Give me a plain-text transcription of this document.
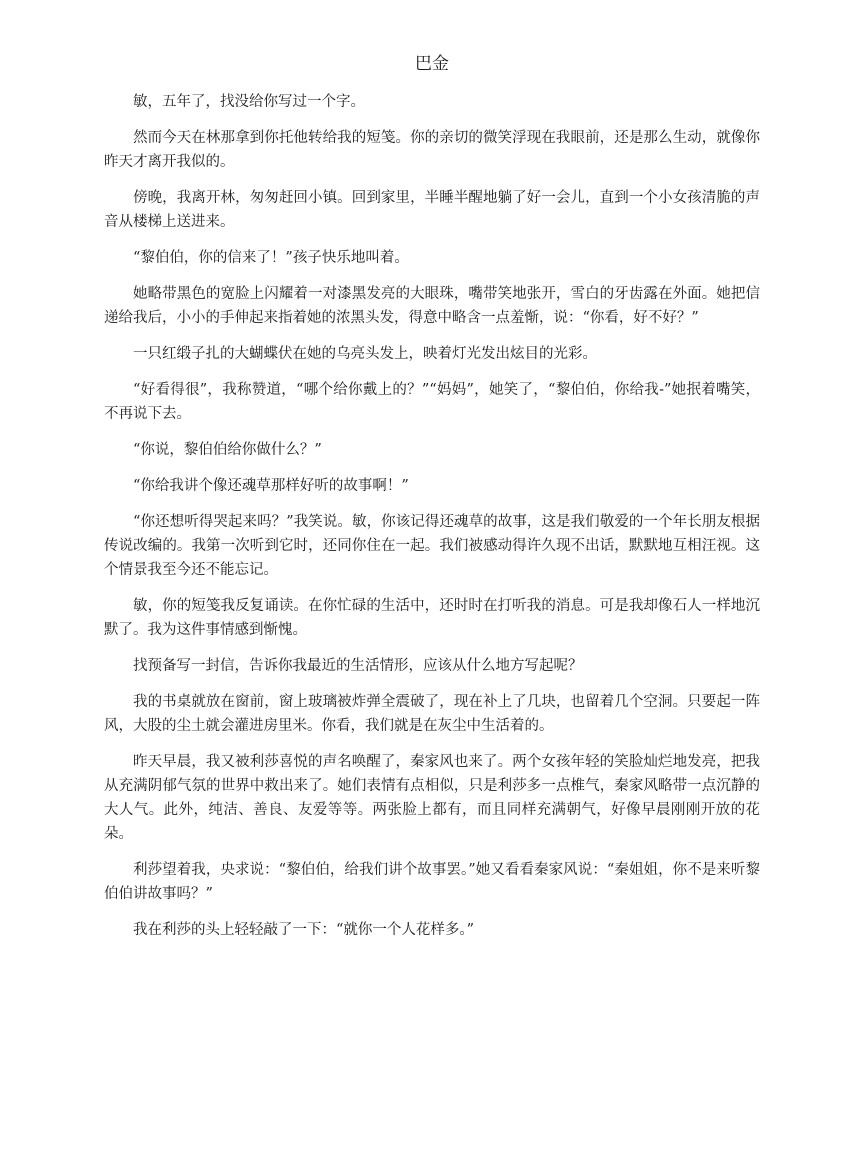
巴金

敏，五年了，找没给你写过一个字。

然而今天在林那拿到你托他转给我的短笺。你的亲切的微笑浮现在我眼前，还是那么生动，就像你昨天才离开我似的。

傍晚，我离开林，匆匆赶回小镇。回到家里，半睡半醒地躺了好一会儿，直到一个小女孩清脆的声音从楼梯上送进来。

“黎伯伯，你的信来了！”孩子快乐地叫着。

她略带黑色的宽脸上闪耀着一对漆黑发亮的大眼珠，嘴带笑地张开，雪白的牙齿露在外面。她把信递给我后，小小的手伸起来指着她的浓黑头发，得意中略含一点羞惭，说：“你看，好不好？”

一只红缎子扎的大蝴蝶伏在她的乌亮头发上，映着灯光发出炫目的光彩。

“好看得很”，我称赞道，“哪个给你戴上的？”“妈妈”，她笑了，“黎伯伯，你给我-”她抿着嘴笑，不再说下去。

“你说，黎伯伯给你做什么？”

“你给我讲个像还魂草那样好听的故事啊！”

“你还想听得哭起来吗？”我笑说。敏，你该记得还魂草的故事，这是我们敬爱的一个年长朋友根据传说改编的。我第一次听到它时，还同你住在一起。我们被感动得许久现不出话，默默地互相汪视。这个情景我至今还不能忘记。

敏，你的短笺我反复诵读。在你忙碌的生活中，还时时在打听我的消息。可是我却像石人一样地沉默了。我为这件事情感到惭愧。

找预备写一封信，告诉你我最近的生活情形，应该从什么地方写起呢？

我的书桌就放在窗前，窗上玻璃被炸弹全震破了，现在补上了几块，也留着几个空洞。只要起一阵风，大股的尘土就会灌进房里米。你看，我们就是在灰尘中生活着的。

昨天早晨，我又被利莎喜悦的声名唤醒了，秦家风也来了。两个女孩年轻的笑脸灿烂地发亮，把我从充满阴郁气氛的世界中救出来了。她们表情有点相似，只是利莎多一点椎气，秦家风略带一点沉静的大人气。此外，纯洁、善良、友爱等等。两张脸上都有，而且同样充满朝气，好像早晨刚刚开放的花朵。

利莎望着我，央求说：“黎伯伯，给我们讲个故事罢。”她又看看秦家风说：“秦姐姐，你不是来听黎伯伯讲故事吗？”

我在利莎的头上轻轻敲了一下：“就你一个人花样多。”
